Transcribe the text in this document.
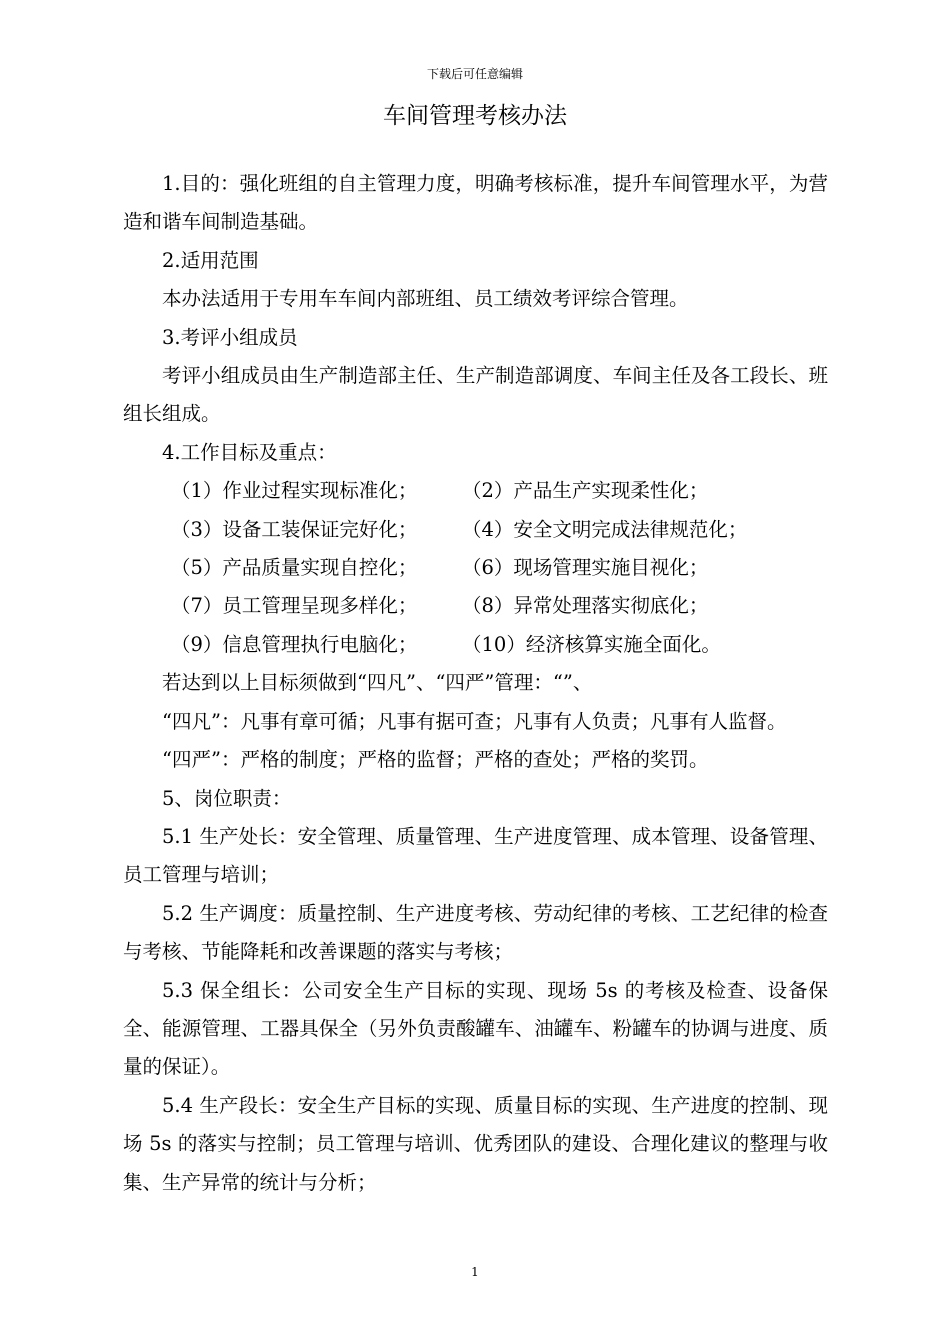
下载后可任意编辑
车间管理考核办法

1.目的：强化班组的自主管理力度，明确考核标准，提升车间管理水平，为营造和谐车间制造基础。

2.适用范围

本办法适用于专用车车间内部班组、员工绩效考评综合管理。

3.考评小组成员

考评小组成员由生产制造部主任、生产制造部调度、车间主任及各工段长、班组长组成。

4.工作目标及重点：

（1）作业过程实现标准化；	（2）产品生产实现柔性化；
（3）设备工装保证完好化；	（4）安全文明完成法律规范化；
（5）产品质量实现自控化；	（6）现场管理实施目视化；
（7）员工管理呈现多样化；	（8）异常处理落实彻底化；
（9）信息管理执行电脑化；	（10）经济核算实施全面化。

若达到以上目标须做到“四凡”、“四严”管理：“”、

“四凡”：凡事有章可循；凡事有据可查；凡事有人负责；凡事有人监督。

“四严”：严格的制度；严格的监督；严格的查处；严格的奖罚。

5、岗位职责：

5.1 生产处长：安全管理、质量管理、生产进度管理、成本管理、设备管理、员工管理与培训；

5.2 生产调度：质量控制、生产进度考核、劳动纪律的考核、工艺纪律的检查与考核、节能降耗和改善课题的落实与考核；

5.3 保全组长：公司安全生产目标的实现、现场 5s 的考核及检查、设备保全、能源管理、工器具保全（另外负责酸罐车、油罐车、粉罐车的协调与进度、质量的保证）。

5.4 生产段长：安全生产目标的实现、质量目标的实现、生产进度的控制、现场 5s 的落实与控制；员工管理与培训、优秀团队的建设、合理化建议的整理与收集、生产异常的统计与分析；

1
